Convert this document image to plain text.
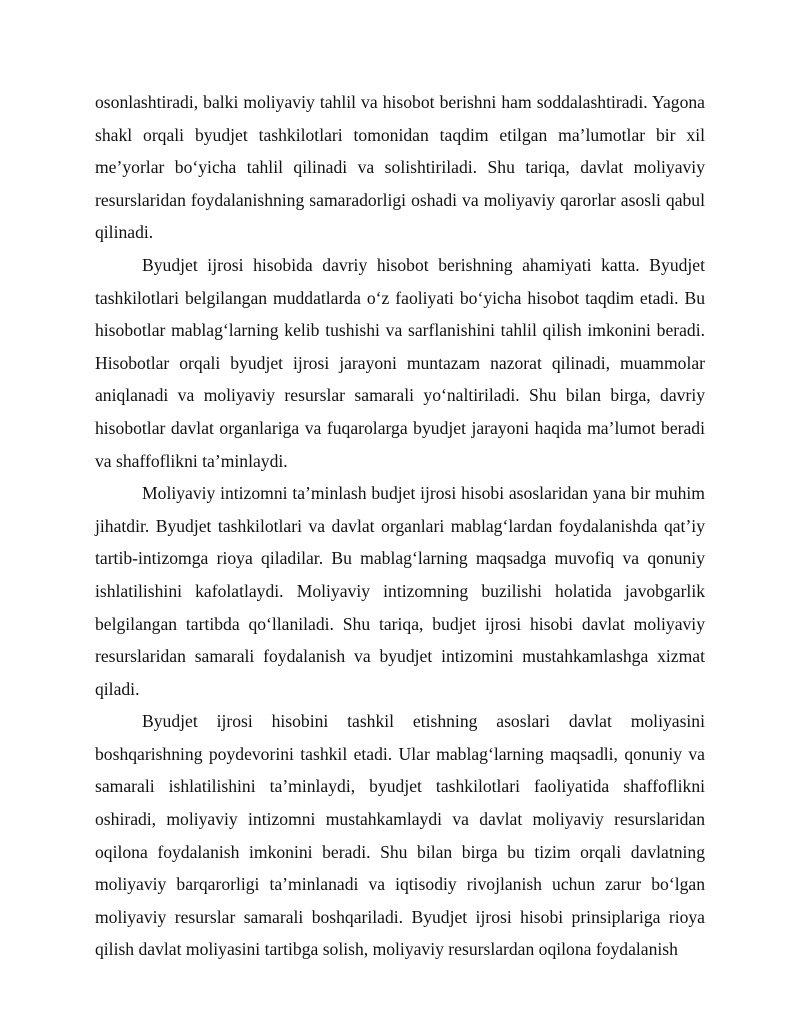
osonlashtiradi, balki moliyaviy tahlil va hisobot berishni ham soddalashtiradi. Yagona shakl orqali byudjet tashkilotlari tomonidan taqdim etilgan ma’lumotlar bir xil me’yorlar bo‘yicha tahlil qilinadi va solishtiriladi. Shu tariqa, davlat moliyaviy resurslaridan foydalanishning samaradorligi oshadi va moliyaviy qarorlar asosli qabul qilinadi.

Byudjet ijrosi hisobida davriy hisobot berishning ahamiyati katta. Byudjet tashkilotlari belgilangan muddatlarda o‘z faoliyati bo‘yicha hisobot taqdim etadi. Bu hisobotlar mablag‘larning kelib tushishi va sarflanishini tahlil qilish imkonini beradi. Hisobotlar orqali byudjet ijrosi jarayoni muntazam nazorat qilinadi, muammolar aniqlanadi va moliyaviy resurslar samarali yo‘naltiriladi. Shu bilan birga, davriy hisobotlar davlat organlariga va fuqarolarga byudjet jarayoni haqida ma’lumot beradi va shaffoflikni ta’minlaydi.

Moliyaviy intizomni ta’minlash budjet ijrosi hisobi asoslaridan yana bir muhim jihatdir. Byudjet tashkilotlari va davlat organlari mablag‘lardan foydalanishda qat’iy tartib-intizomga rioya qiladilar. Bu mablag‘larning maqsadga muvofiq va qonuniy ishlatilishini kafolatlaydi. Moliyaviy intizomning buzilishi holatida javobgarlik belgilangan tartibda qo‘llaniladi. Shu tariqa, budjet ijrosi hisobi davlat moliyaviy resurslaridan samarali foydalanish va byudjet intizomini mustahkamlashga xizmat qiladi.

Byudjet ijrosi hisobini tashkil etishning asoslari davlat moliyasini boshqarishning poydevorini tashkil etadi. Ular mablag‘larning maqsadli, qonuniy va samarali ishlatilishini ta’minlaydi, byudjet tashkilotlari faoliyatida shaffoflikni oshiradi, moliyaviy intizomni mustahkamlaydi va davlat moliyaviy resurslaridan oqilona foydalanish imkonini beradi. Shu bilan birga bu tizim orqali davlatning moliyaviy barqarorligi ta’minlanadi va iqtisodiy rivojlanish uchun zarur bo‘lgan moliyaviy resurslar samarali boshqariladi. Byudjet ijrosi hisobi prinsiplariga rioya qilish davlat moliyasini tartibga solish, moliyaviy resurslardan oqilona foydalanish
